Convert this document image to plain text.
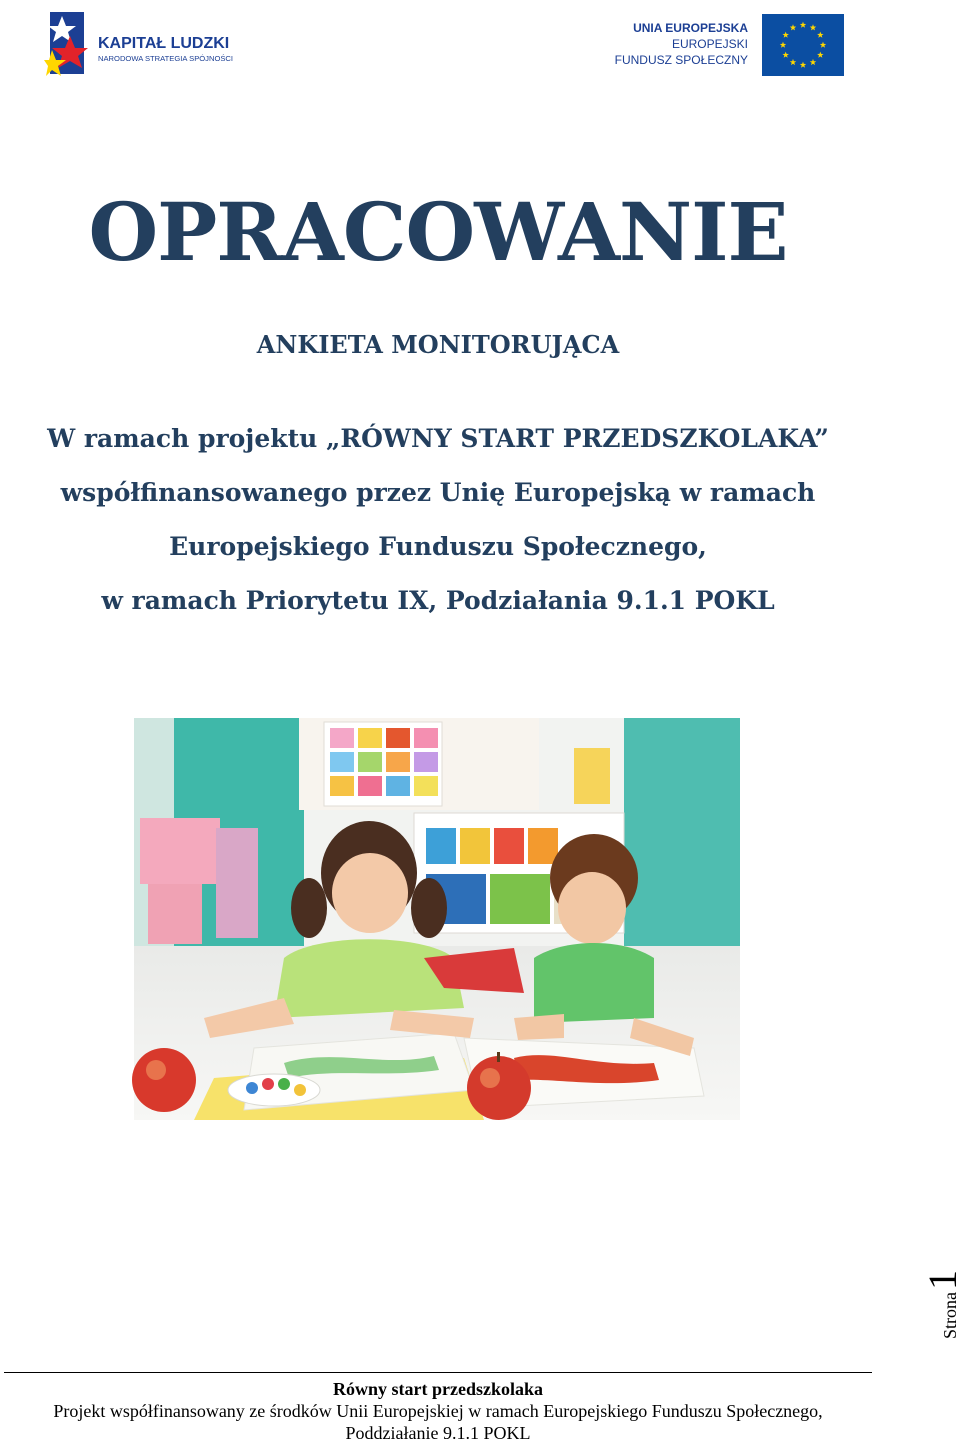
KAPITAŁ LUDZKI
NARODOWA STRATEGIA SPÓJNOŚCI
UNIA EUROPEJSKA
EUROPEJSKI
FUNDUSZ SPOŁECZNY
OPRACOWANIE
ANKIETA MONITORUJĄCA
W ramach projektu „RÓWNY START PRZEDSZKOLAKA”
współfinansowanego przez Unię Europejską w ramach
Europejskiego Funduszu Społecznego,
w ramach Priorytetu IX, Podziałania 9.1.1 POKL
Strona1
Równy start przedszkolaka
Projekt współfinansowany ze środków Unii Europejskiej w ramach Europejskiego Funduszu Społecznego,
Poddziałanie 9.1.1 POKL
